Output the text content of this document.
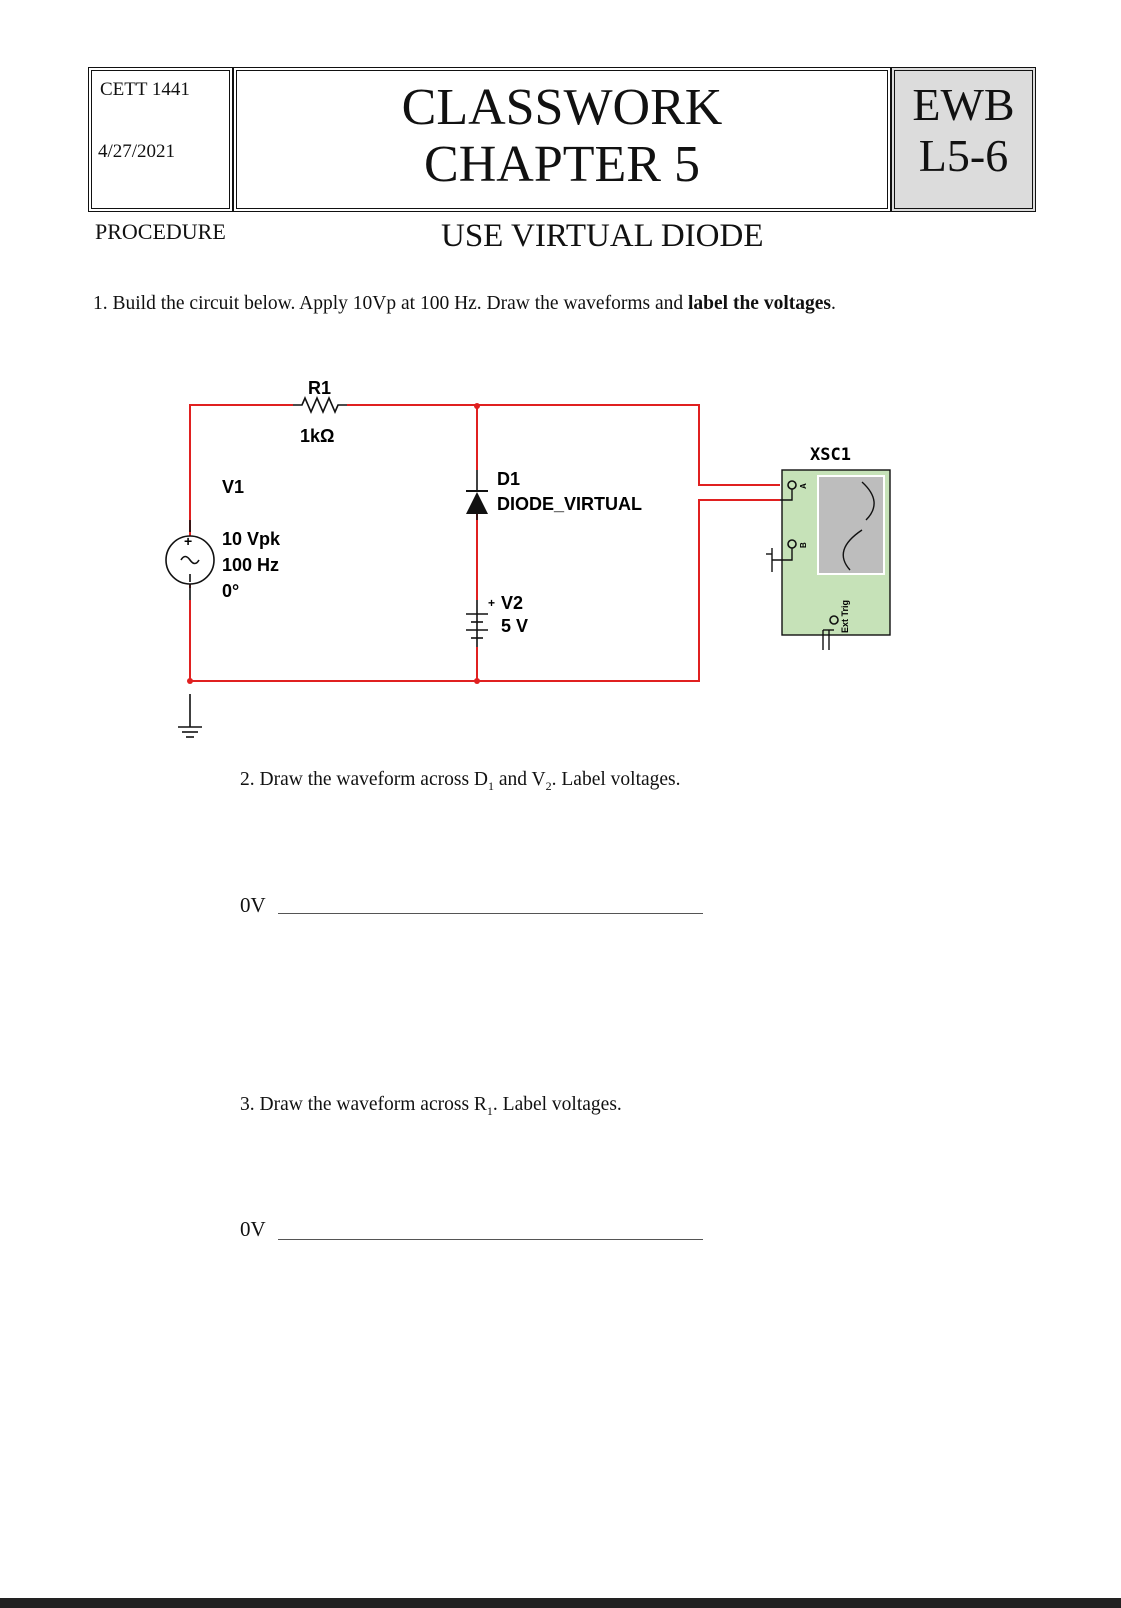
CETT 1441
4/27/2021
CLASSWORK
CHAPTER 5
EWB
L5-6
PROCEDURE	USE VIRTUAL DIODE
1. Build the circuit below. Apply 10Vp at 100 Hz. Draw the waveforms and label the voltages.
R1
1kΩ
+
V1
10 Vpk
100 Hz
0°
D1
DIODE_VIRTUAL
+ V2
5 V
XSC1
A
B
Ext Trig
2. Draw the waveform across $D_1$ and $V_2$. Label voltages.
0V
3. Draw the waveform across $R_1$. Label voltages.
0V
